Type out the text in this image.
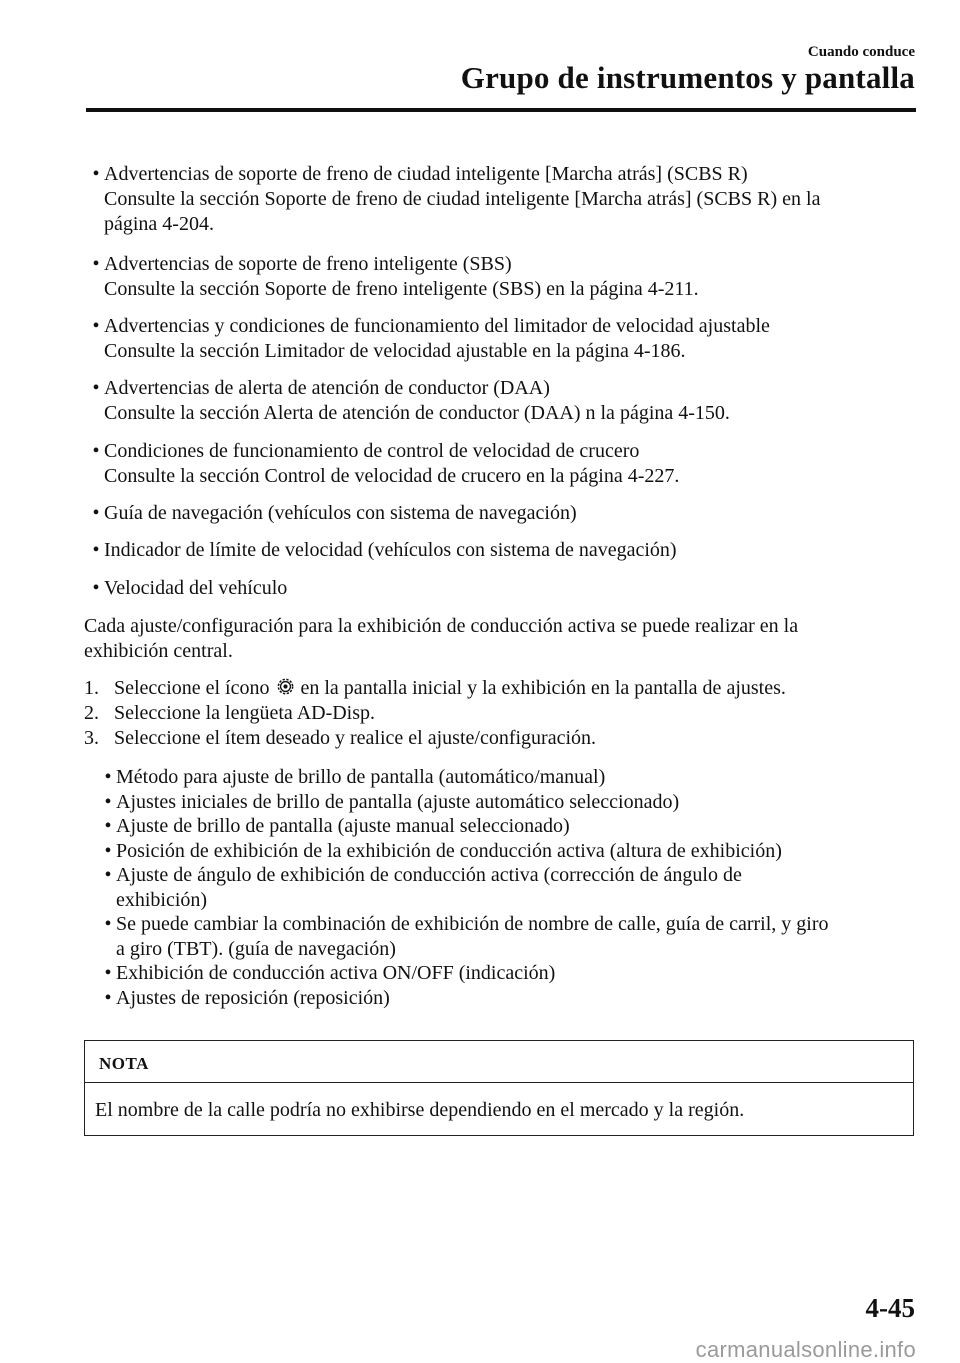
Cuando conduce
Grupo de instrumentos y pantalla
• Advertencias de soporte de freno de ciudad inteligente [Marcha atrás] (SCBS R)
Consulte la sección Soporte de freno de ciudad inteligente [Marcha atrás] (SCBS R) en la
página 4-204.
• Advertencias de soporte de freno inteligente (SBS)
Consulte la sección Soporte de freno inteligente (SBS) en la página 4-211.
• Advertencias y condiciones de funcionamiento del limitador de velocidad ajustable
Consulte la sección Limitador de velocidad ajustable en la página 4-186.
• Advertencias de alerta de atención de conductor (DAA)
Consulte la sección Alerta de atención de conductor (DAA) n la página 4-150.
• Condiciones de funcionamiento de control de velocidad de crucero
Consulte la sección Control de velocidad de crucero en la página 4-227.
• Guía de navegación (vehículos con sistema de navegación)
• Indicador de límite de velocidad (vehículos con sistema de navegación)
• Velocidad del vehículo
Cada ajuste/configuración para la exhibición de conducción activa se puede realizar en la
exhibición central.
1. Seleccione el ícono en la pantalla inicial y la exhibición en la pantalla de ajustes.
2. Seleccione la lengüeta AD-Disp.
3. Seleccione el ítem deseado y realice el ajuste/configuración.
• Método para ajuste de brillo de pantalla (automático/manual)
• Ajustes iniciales de brillo de pantalla (ajuste automático seleccionado)
• Ajuste de brillo de pantalla (ajuste manual seleccionado)
• Posición de exhibición de la exhibición de conducción activa (altura de exhibición)
• Ajuste de ángulo de exhibición de conducción activa (corrección de ángulo de
exhibición)
• Se puede cambiar la combinación de exhibición de nombre de calle, guía de carril, y giro
a giro (TBT). (guía de navegación)
• Exhibición de conducción activa ON/OFF (indicación)
• Ajustes de reposición (reposición)
NOTA
El nombre de la calle podría no exhibirse dependiendo en el mercado y la región.
4-45
carmanualsonline.info
